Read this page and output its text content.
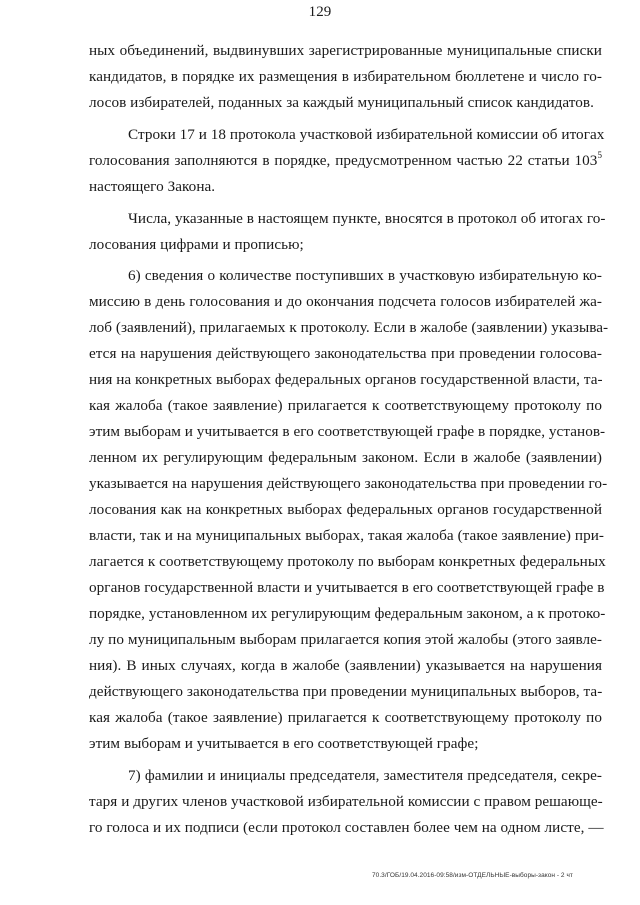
129
ных объединений, выдвинувших зарегистрированные муниципальные списки
кандидатов, в порядке их размещения в избирательном бюллетене и число го-
лосов избирателей, поданных за каждый муниципальный список кандидатов.
Строки 17 и 18 протокола участковой избирательной комиссии об итогах
голосования заполняются в порядке, предусмотренном частью 22 статьи $103^5$
настоящего Закона.
Числа, указанные в настоящем пункте, вносятся в протокол об итогах го-
лосования цифрами и прописью;
6) сведения о количестве поступивших в участковую избирательную ко-
миссию в день голосования и до окончания подсчета голосов избирателей жа-
лоб (заявлений), прилагаемых к протоколу. Если в жалобе (заявлении) указыва-
ется на нарушения действующего законодательства при проведении голосова-
ния на конкретных выборах федеральных органов государственной власти, та-
кая жалоба (такое заявление) прилагается к соответствующему протоколу по
этим выборам и учитывается в его соответствующей графе в порядке, установ-
ленном их регулирующим федеральным законом. Если в жалобе (заявлении)
указывается на нарушения действующего законодательства при проведении го-
лосования как на конкретных выборах федеральных органов государственной
власти, так и на муниципальных выборах, такая жалоба (такое заявление) при-
лагается к соответствующему протоколу по выборам конкретных федеральных
органов государственной власти и учитывается в его соответствующей графе в
порядке, установленном их регулирующим федеральным законом, а к протоко-
лу по муниципальным выборам прилагается копия этой жалобы (этого заявле-
ния). В иных случаях, когда в жалобе (заявлении) указывается на нарушения
действующего законодательства при проведении муниципальных выборов, та-
кая жалоба (такое заявление) прилагается к соответствующему протоколу по
этим выборам и учитывается в его соответствующей графе;
7) фамилии и инициалы председателя, заместителя председателя, секре-
таря и других членов участковой избирательной комиссии с правом решающе-
го голоса и их подписи (если протокол составлен более чем на одном листе, —
70.3/ГОБ/19.04.2016-09:58/изм-ОТДЕЛЬНЫЕ-выборы-закон - 2 чт
